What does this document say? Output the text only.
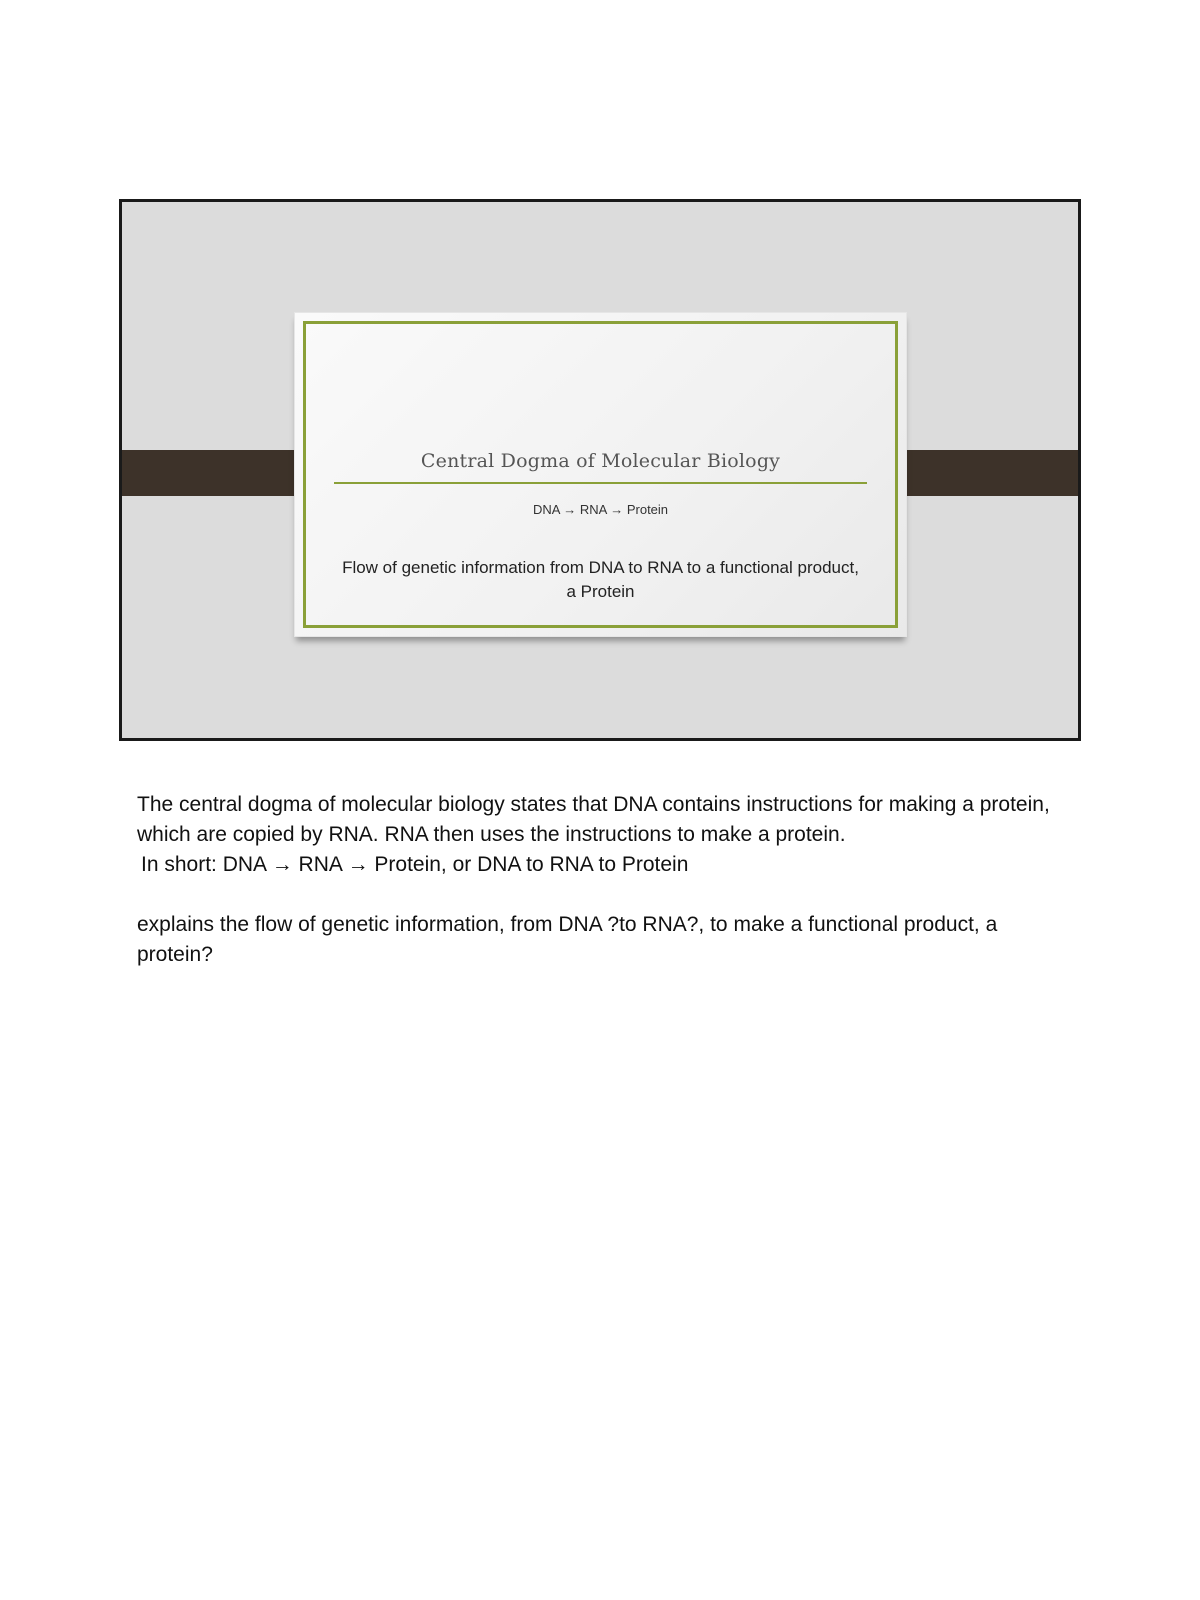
Central Dogma of Molecular Biology
DNA → RNA → Protein
Flow of genetic information from DNA to RNA to a functional product, a Protein

The central dogma of molecular biology states that DNA contains instructions for making a protein, which are copied by RNA. RNA then uses the instructions to make a protein.

In short: DNA → RNA → Protein, or DNA to RNA to Protein

explains the flow of genetic information, from DNA ?to RNA?, to make a functional product, a protein?
